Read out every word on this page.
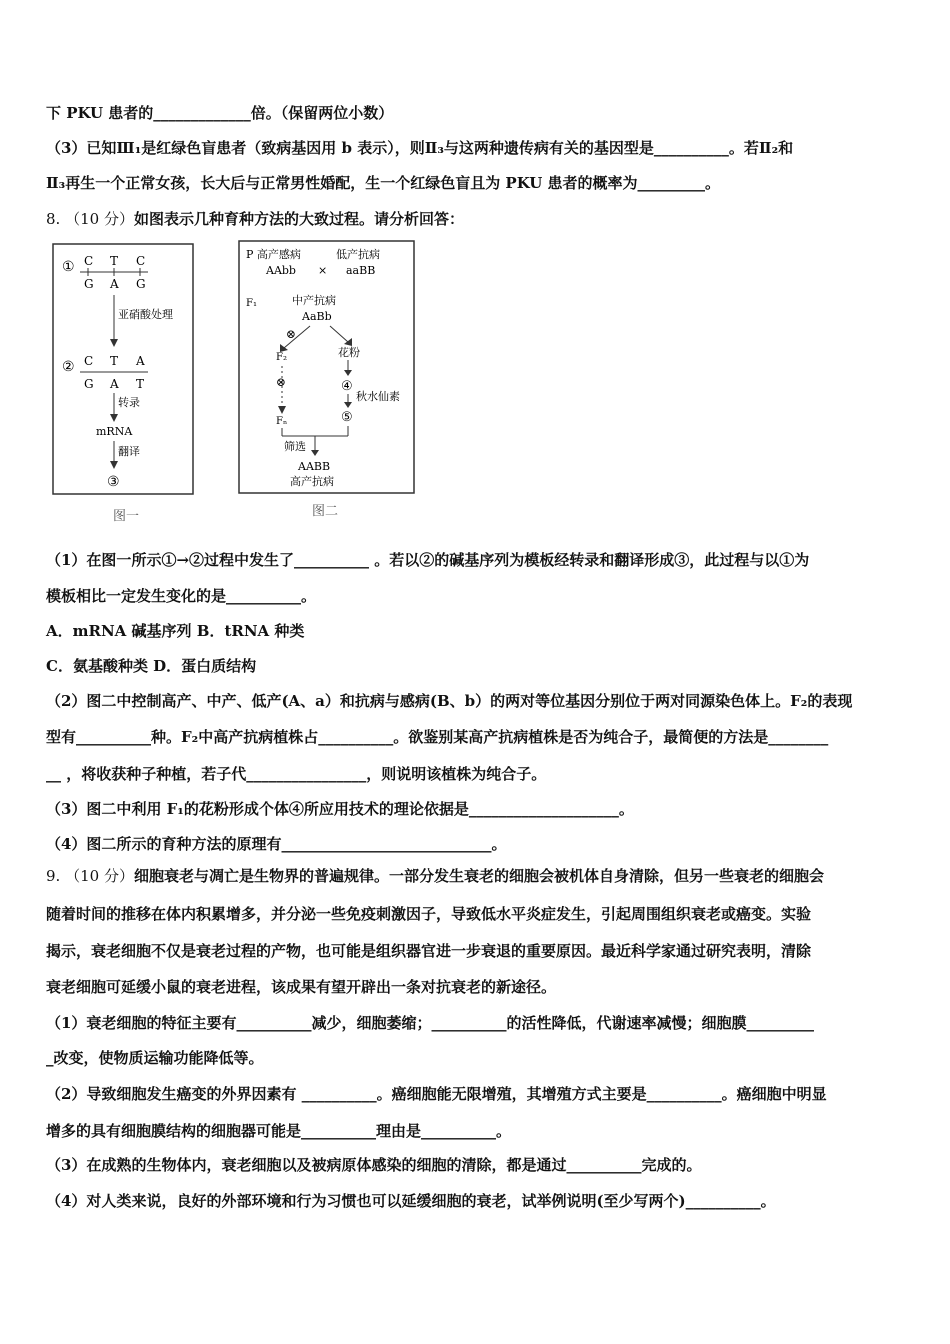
下 PKU 患者的_____________倍。（保留两位小数）
（3）已知Ⅲ₁是红绿色盲患者（致病基因用 b 表示），则Ⅱ₃与这两种遗传病有关的基因型是__________。若Ⅱ₂和
Ⅱ₃再生一个正常女孩，长大后与正常男性婚配，生一个红绿色盲且为 PKU 患者的概率为_________。
8. （10 分）如图表示几种育种方法的大致过程。请分析回答：
① C T C
G A G
亚硝酸处理
② C T A
G A T
转录
mRNA
翻译
③
图一
P 高产感病	低产抗病
AAbb × aaBB
F₁	中产抗病
AaBb
⊗
F₂	花粉
⊗	④
秋水仙素
⑤
Fₙ
筛选
AABB
高产抗病
图二
（1）在图一所示①→②过程中发生了__________ 。若以②的碱基序列为模板经转录和翻译形成③，此过程与以①为
模板相比一定发生变化的是__________。
A．mRNA 碱基序列 B．tRNA 种类
C．氨基酸种类 D．蛋白质结构
（2）图二中控制高产、中产、低产(A、a）和抗病与感病(B、b）的两对等位基因分别位于两对同源染色体上。F₂的表现
型有__________种。F₂中高产抗病植株占__________。欲鉴别某高产抗病植株是否为纯合子，最简便的方法是________
__ ，将收获种子种植，若子代________________，则说明该植株为纯合子。
（3）图二中利用 F₁的花粉形成个体④所应用技术的理论依据是____________________。
（4）图二所示的育种方法的原理有____________________________。
9. （10 分）细胞衰老与凋亡是生物界的普遍规律。一部分发生衰老的细胞会被机体自身清除，但另一些衰老的细胞会
随着时间的推移在体内积累增多，并分泌一些免疫刺激因子，导致低水平炎症发生，引起周围组织衰老或癌变。实验
揭示，衰老细胞不仅是衰老过程的产物，也可能是组织器官进一步衰退的重要原因。最近科学家通过研究表明，清除
衰老细胞可延缓小鼠的衰老进程，该成果有望开辟出一条对抗衰老的新途径。
（1）衰老细胞的特征主要有__________减少，细胞萎缩；__________的活性降低，代谢速率减慢；细胞膜_________
_改变，使物质运输功能降低等。
（2）导致细胞发生癌变的外界因素有 __________。癌细胞能无限增殖，其增殖方式主要是__________。癌细胞中明显
增多的具有细胞膜结构的细胞器可能是__________理由是__________。
（3）在成熟的生物体内，衰老细胞以及被病原体感染的细胞的清除，都是通过__________完成的。
（4）对人类来说，良好的外部环境和行为习惯也可以延缓细胞的衰老，试举例说明(至少写两个)__________。
